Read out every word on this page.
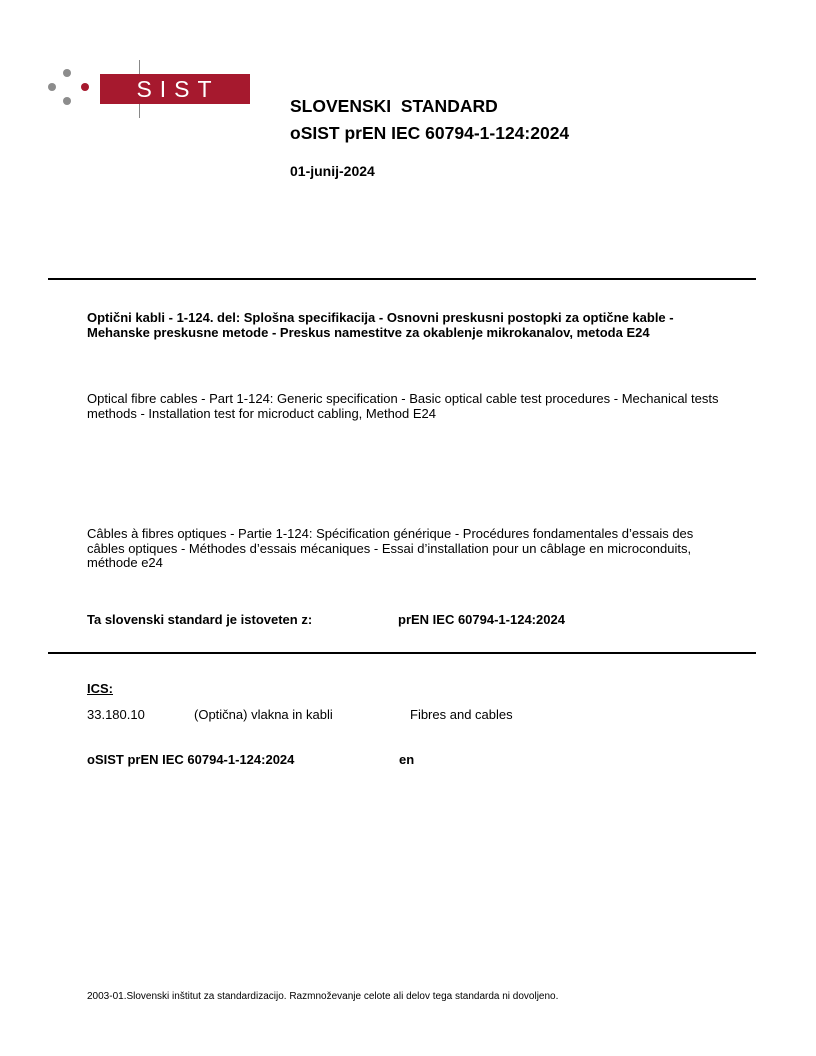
SIST
SLOVENSKI  STANDARD
oSIST prEN IEC 60794-1-124:2024
01-junij-2024
Optični kabli - 1-124. del: Splošna specifikacija - Osnovni preskusni postopki za optične kable - Mehanske preskusne metode - Preskus namestitve za okablenje mikrokanalov, metoda E24
Optical fibre cables - Part 1-124: Generic specification - Basic optical cable test procedures - Mechanical tests methods - Installation test for microduct cabling, Method E24
Câbles à fibres optiques - Partie 1-124: Spécification générique - Procédures fondamentales d’essais des câbles optiques - Méthodes d’essais mécaniques - Essai d’installation pour un câblage en microconduits, méthode e24
Ta slovenski standard je istoveten z:	prEN IEC 60794-1-124:2024
ICS:
33.180.10	(Optična) vlakna in kabli	Fibres and cables
oSIST prEN IEC 60794-1-124:2024	en
2003-01.Slovenski inštitut za standardizacijo. Razmnoževanje celote ali delov tega standarda ni dovoljeno.
